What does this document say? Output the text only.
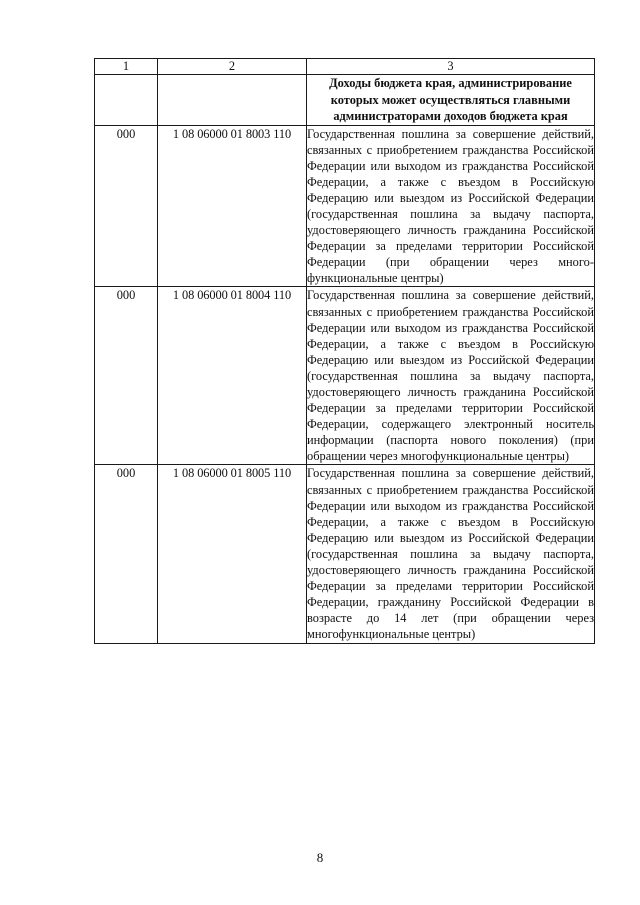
1	2	3
		Доходы бюджета края, администрирование которых может осуществляться главными администраторами доходов бюджета края
000	1 08 06000 01 8003 110	Государственная пошлина за совершение действий, связанных с приобретением гражданства Российской Федерации или выходом из гражданства Российской Федерации, а также с въездом в Российскую Федерацию или выездом из Российской Федерации (государственная пошлина за выдачу паспорта, удостоверяющего личность гражданина Российской Федерации за пределами территории Российской Федерации (при обращении через многофункциональные центры)
000	1 08 06000 01 8004 110	Государственная пошлина за совершение действий, связанных с приобретением гражданства Российской Федерации или выходом из гражданства Российской Федерации, а также с въездом в Российскую Федерацию или выездом из Российской Федерации (государственная пошлина за выдачу паспорта, удостоверяющего личность гражданина Российской Федерации за пределами территории Российской Федерации, содержащего электронный носитель информации (паспорта нового поколения) (при обращении через многофункциональные центры)
000	1 08 06000 01 8005 110	Государственная пошлина за совершение действий, связанных с приобретением гражданства Российской Федерации или выходом из гражданства Российской Федерации, а также с въездом в Российскую Федерацию или выездом из Российской Федерации (государственная пошлина за выдачу паспорта, удостоверяющего личность гражданина Российской Федерации за пределами территории Российской Федерации, гражданину Российской Федерации в возрасте до 14 лет (при обращении через многофункциональные центры)
8
